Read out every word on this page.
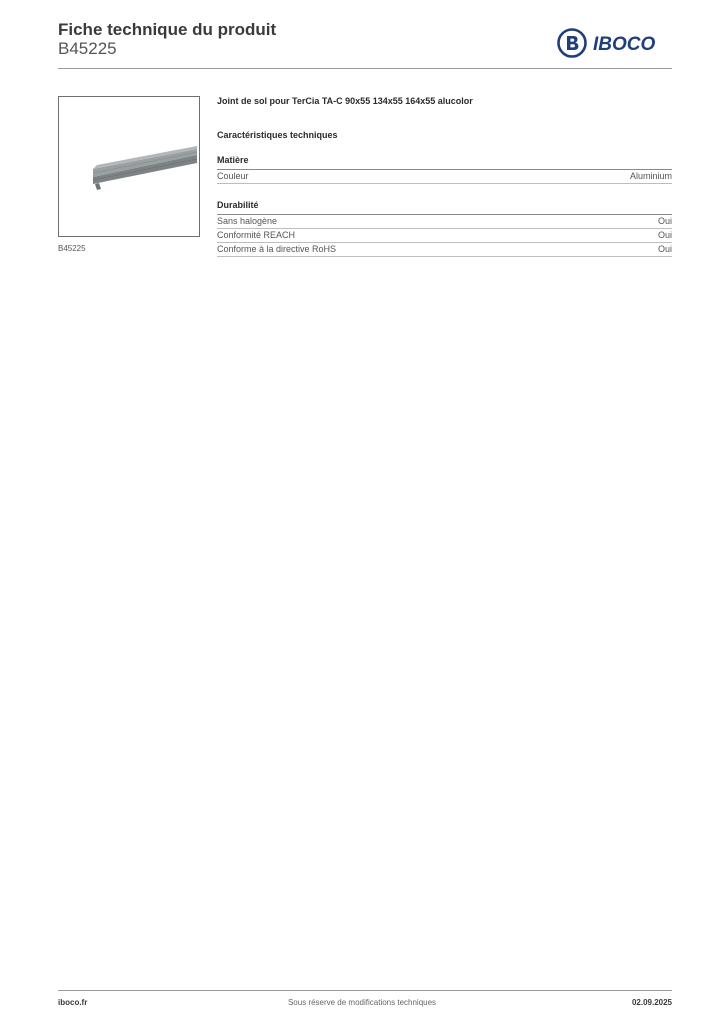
Fiche technique du produit
B45225	IBOCO
B45225
Joint de sol pour TerCia TA-C 90x55 134x55 164x55 alucolor
Caractéristiques techniques
Matière
Couleur	Aluminium
Durabilité
Sans halogène	Oui
Conformité REACH	Oui
Conforme à la directive RoHS	Oui
Sous réserve de modifications techniques
iboco.fr	02.09.2025
